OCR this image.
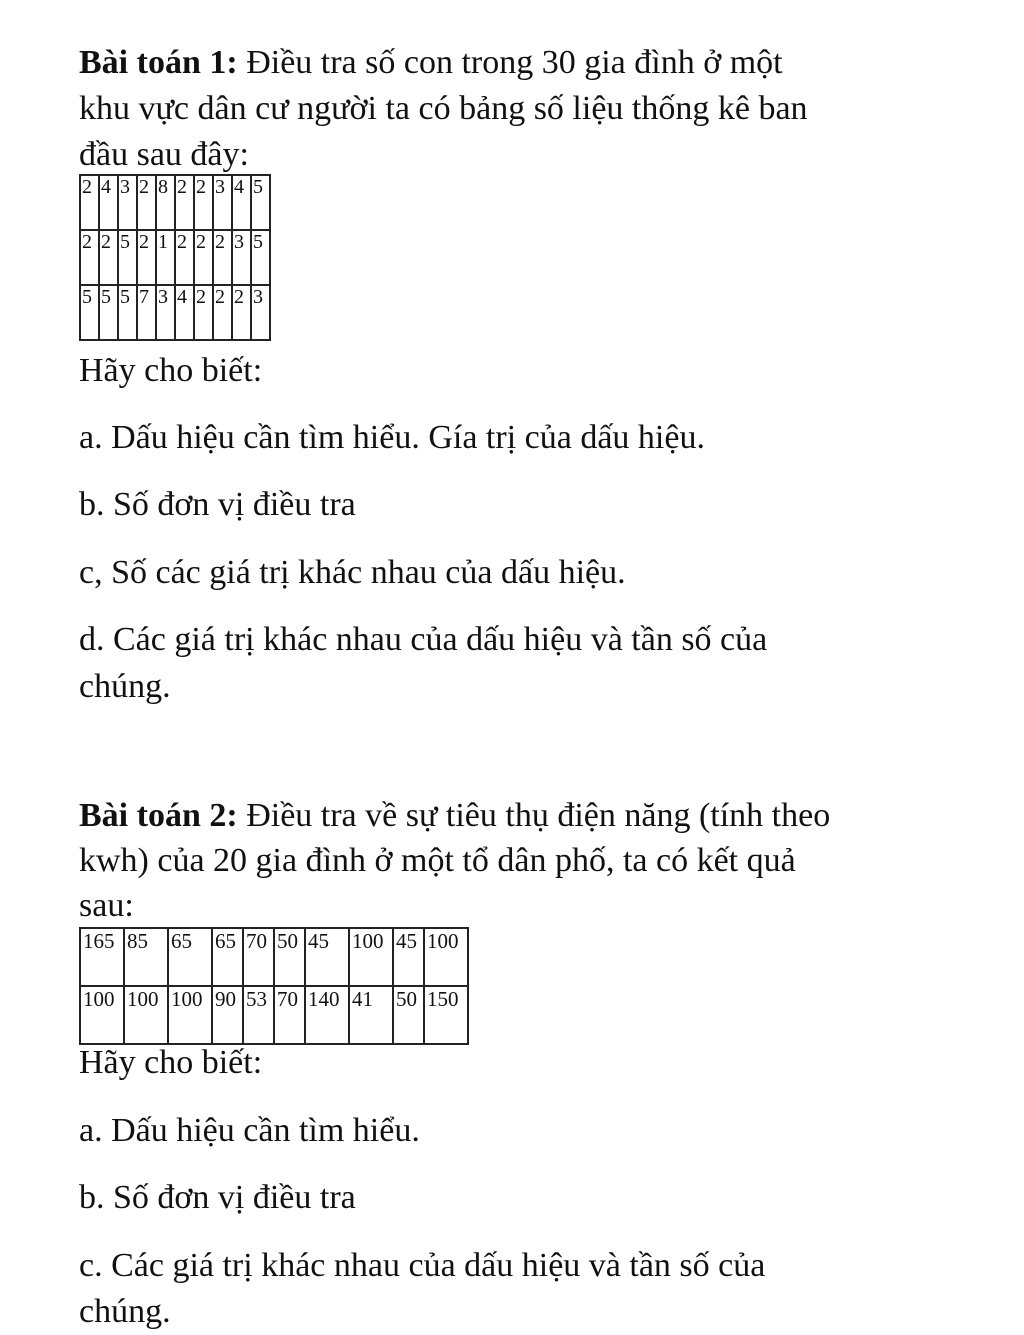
Bài toán 1: Điều tra số con trong 30 gia đình ở một

khu vực dân cư người ta có bảng số liệu thống kê ban

đầu sau đây:

2	4	3	2	8	2	2	3	4	5
2	2	5	2	1	2	2	2	3	5
5	5	5	7	3	4	2	2	2	3

Hãy cho biết:

a. Dấu hiệu cần tìm hiểu. Gía trị của dấu hiệu.

b. Số đơn vị điều tra

c, Số các giá trị khác nhau của dấu hiệu.

d. Các giá trị khác nhau của dấu hiệu và tần số của

chúng.

Bài toán 2: Điều tra về sự tiêu thụ điện năng (tính theo

kwh) của 20 gia đình ở một tổ dân phố, ta có kết quả

sau:

165	85	65	65	70	50	45	100	45	100
100	100	100	90	53	70	140	41	50	150

Hãy cho biết:

a. Dấu hiệu cần tìm hiểu.

b. Số đơn vị điều tra

c. Các giá trị khác nhau của dấu hiệu và tần số của

chúng.
